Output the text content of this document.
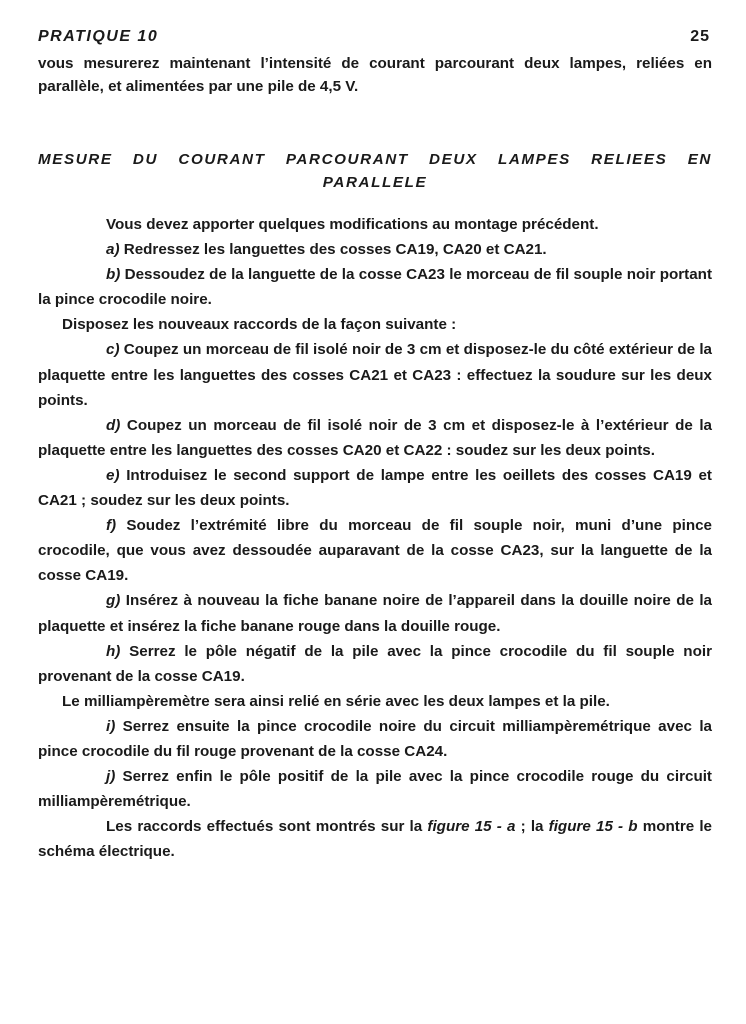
PRATIQUE 10	25

vous mesurerez maintenant l’intensité de courant parcourant deux lampes, reliées en parallèle, et alimentées par une pile de 4,5 V.

MESURE DU COURANT PARCOURANT DEUX LAMPES RELIEES EN
PARALLELE

Vous devez apporter quelques modifications au montage précédent.

a) Redressez les languettes des cosses CA19, CA20 et CA21.

b) Dessoudez de la languette de la cosse CA23 le morceau de fil souple noir portant la pince crocodile noire.

Disposez les nouveaux raccords de la façon suivante :

c) Coupez un morceau de fil isolé noir de 3 cm et disposez-le du côté extérieur de la plaquette entre les languettes des cosses CA21 et CA23 : effectuez la soudure sur les deux points.

d) Coupez un morceau de fil isolé noir de 3 cm et disposez-le à l’extérieur de la plaquette entre les languettes des cosses CA20 et CA22 : soudez sur les deux points.

e) Introduisez le second support de lampe entre les oeillets des cosses CA19 et CA21 ; soudez sur les deux points.

f) Soudez l’extrémité libre du morceau de fil souple noir, muni d’une pince crocodile, que vous avez dessoudée auparavant de la cosse CA23, sur la languette de la cosse CA19.

g) Insérez à nouveau la fiche banane noire de l’appareil dans la douille noire de la plaquette et insérez la fiche banane rouge dans la douille rouge.

h) Serrez le pôle négatif de la pile avec la pince crocodile du fil souple noir provenant de la cosse CA19.

Le milliampèremètre sera ainsi relié en série avec les deux lampes et la pile.

i) Serrez ensuite la pince crocodile noire du circuit milliampèremétrique avec la pince crocodile du fil rouge provenant de la cosse CA24.

j) Serrez enfin le pôle positif de la pile avec la pince crocodile rouge du circuit milliampèremétrique.

Les raccords effectués sont montrés sur la figure 15 - a ; la figure 15 - b montre le schéma électrique.
